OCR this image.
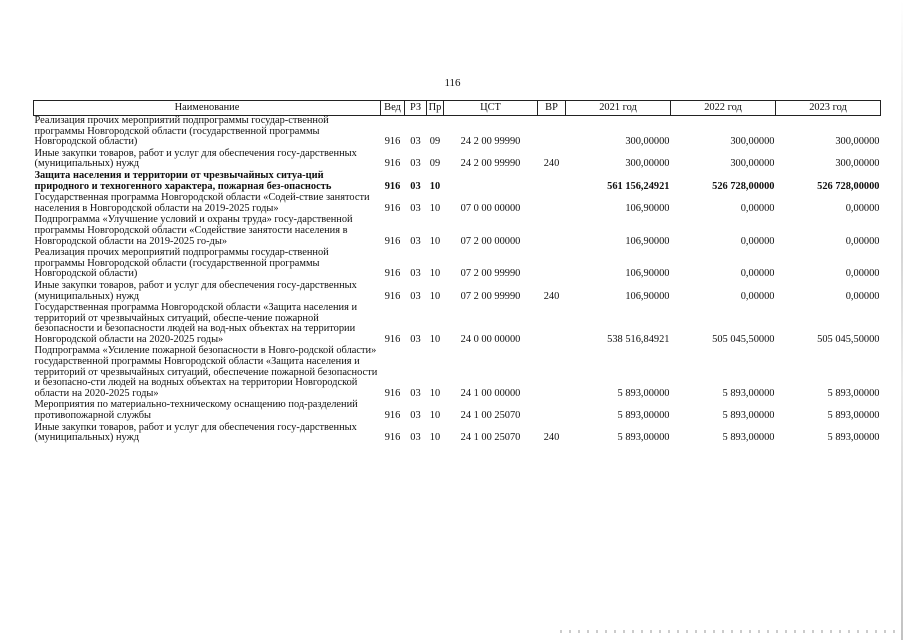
116
Наименование	Вед	РЗ	Пр	ЦСТ	ВР	2021 год	2022 год	2023 год
Реализация прочих мероприятий подпрограммы государ-ственной программы Новгородской области (государственной программы Новгородской области)	916	03	09	24 2 00 99990		300,00000	300,00000	300,00000
Иные закупки товаров, работ и услуг для обеспечения госу-дарственных (муниципальных) нужд	916	03	09	24 2 00 99990	240	300,00000	300,00000	300,00000
Защита населения и территории от чрезвычайных ситуа-ций природного и техногенного характера, пожарная без-опасность	916	03	10			561 156,24921	526 728,00000	526 728,00000
Государственная программа Новгородской области «Содей-ствие занятости населения в Новгородской области на 2019-2025 годы»	916	03	10	07 0 00 00000		106,90000	0,00000	0,00000
Подпрограмма «Улучшение условий и охраны труда» госу-дарственной программы Новгородской области «Содействие занятости населения в Новгородской области на 2019-2025 го-ды»	916	03	10	07 2 00 00000		106,90000	0,00000	0,00000
Реализация прочих мероприятий подпрограммы государ-ственной программы Новгородской области (государственной программы Новгородской области)	916	03	10	07 2 00 99990		106,90000	0,00000	0,00000
Иные закупки товаров, работ и услуг для обеспечения госу-дарственных (муниципальных) нужд	916	03	10	07 2 00 99990	240	106,90000	0,00000	0,00000
Государственная программа Новгородской области «Защита населения и территорий от чрезвычайных ситуаций, обеспе-чение пожарной безопасности и безопасности людей на вод-ных объектах на территории Новгородской области на 2020-2025 годы»	916	03	10	24 0 00 00000		538 516,84921	505 045,50000	505 045,50000
Подпрограмма «Усиление пожарной безопасности в Новго-родской области» государственной программы Новгородской области «Защита населения и территорий от чрезвычайных ситуаций, обеспечение пожарной безопасности и безопасно-сти людей на водных объектах на территории Новгородской области на 2020-2025 годы»	916	03	10	24 1 00 00000		5 893,00000	5 893,00000	5 893,00000
Мероприятия по материально-техническому оснащению под-разделений противопожарной службы	916	03	10	24 1 00 25070		5 893,00000	5 893,00000	5 893,00000
Иные закупки товаров, работ и услуг для обеспечения госу-дарственных (муниципальных) нужд	916	03	10	24 1 00 25070	240	5 893,00000	5 893,00000	5 893,00000
